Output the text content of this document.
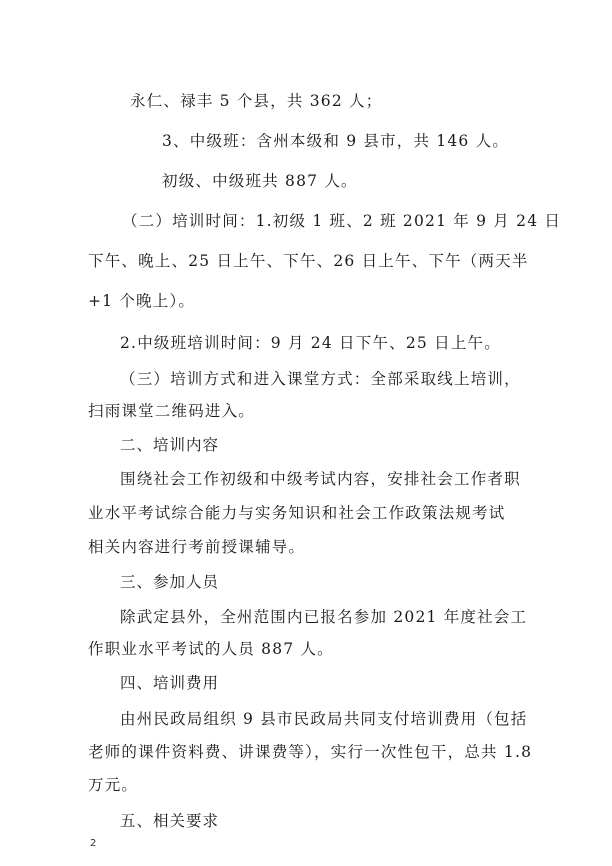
永仁、禄丰 5 个县，共 362 人；
3、中级班：含州本级和 9 县市，共 146 人。
初级、中级班共 887 人。
（二）培训时间：1.初级 1 班、2 班 2021 年 9 月 24 日
下午、晚上、25 日上午、下午、26 日上午、下午（两天半
+1 个晚上）。
2.中级班培训时间：9 月 24 日下午、25 日上午。
（三）培训方式和进入课堂方式：全部采取线上培训，
扫雨课堂二维码进入。
二、培训内容
围绕社会工作初级和中级考试内容，安排社会工作者职
业水平考试综合能力与实务知识和社会工作政策法规考试
相关内容进行考前授课辅导。
三、参加人员
除武定县外，全州范围内已报名参加 2021 年度社会工
作职业水平考试的人员 887 人。
四、培训费用
由州民政局组织 9 县市民政局共同支付培训费用（包括
老师的课件资料费、讲课费等），实行一次性包干，总共 1.8
万元。
五、相关要求
2
